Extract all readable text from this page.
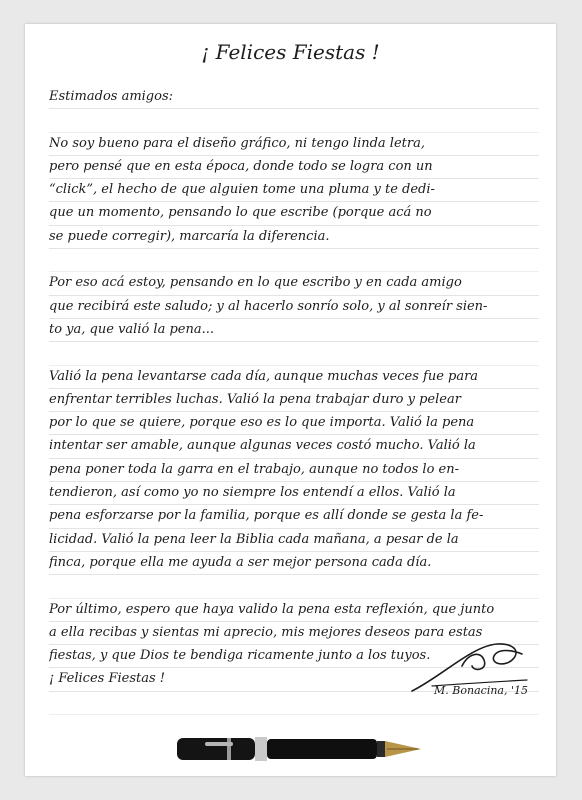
¡ Felices Fiestas !
Estimados amigos:
No soy bueno para el diseño gráfico, ni tengo linda letra,
pero pensé que en esta época, donde todo se logra con un
“click”, el hecho de que alguien tome una pluma y te dedi-
que un momento, pensando lo que escribe (porque acá no
se puede corregir), marcaría la diferencia.
Por eso acá estoy, pensando en lo que escribo y en cada amigo
que recibirá este saludo; y al hacerlo sonrío solo, y al sonreír sien-
to ya, que valió la pena...
Valió la pena levantarse cada día, aunque muchas veces fue para
enfrentar terribles luchas. Valió la pena trabajar duro y pelear
por lo que se quiere, porque eso es lo que importa. Valió la pena
intentar ser amable, aunque algunas veces costó mucho. Valió la
pena poner toda la garra en el trabajo, aunque no todos lo en-
tendieron, así como yo no siempre los entendí a ellos. Valió la
pena esforzarse por la familia, porque es allí donde se gesta la fe-
licidad. Valió la pena leer la Biblia cada mañana, a pesar de la
finca, porque ella me ayuda a ser mejor persona cada día.
Por último, espero que haya valido la pena esta reflexión, que junto
a ella recibas y sientas mi aprecio, mis mejores deseos para estas
fiestas, y que Dios te bendiga ricamente junto a los tuyos.
¡ Felices Fiestas !
M. Bonacina, '15
